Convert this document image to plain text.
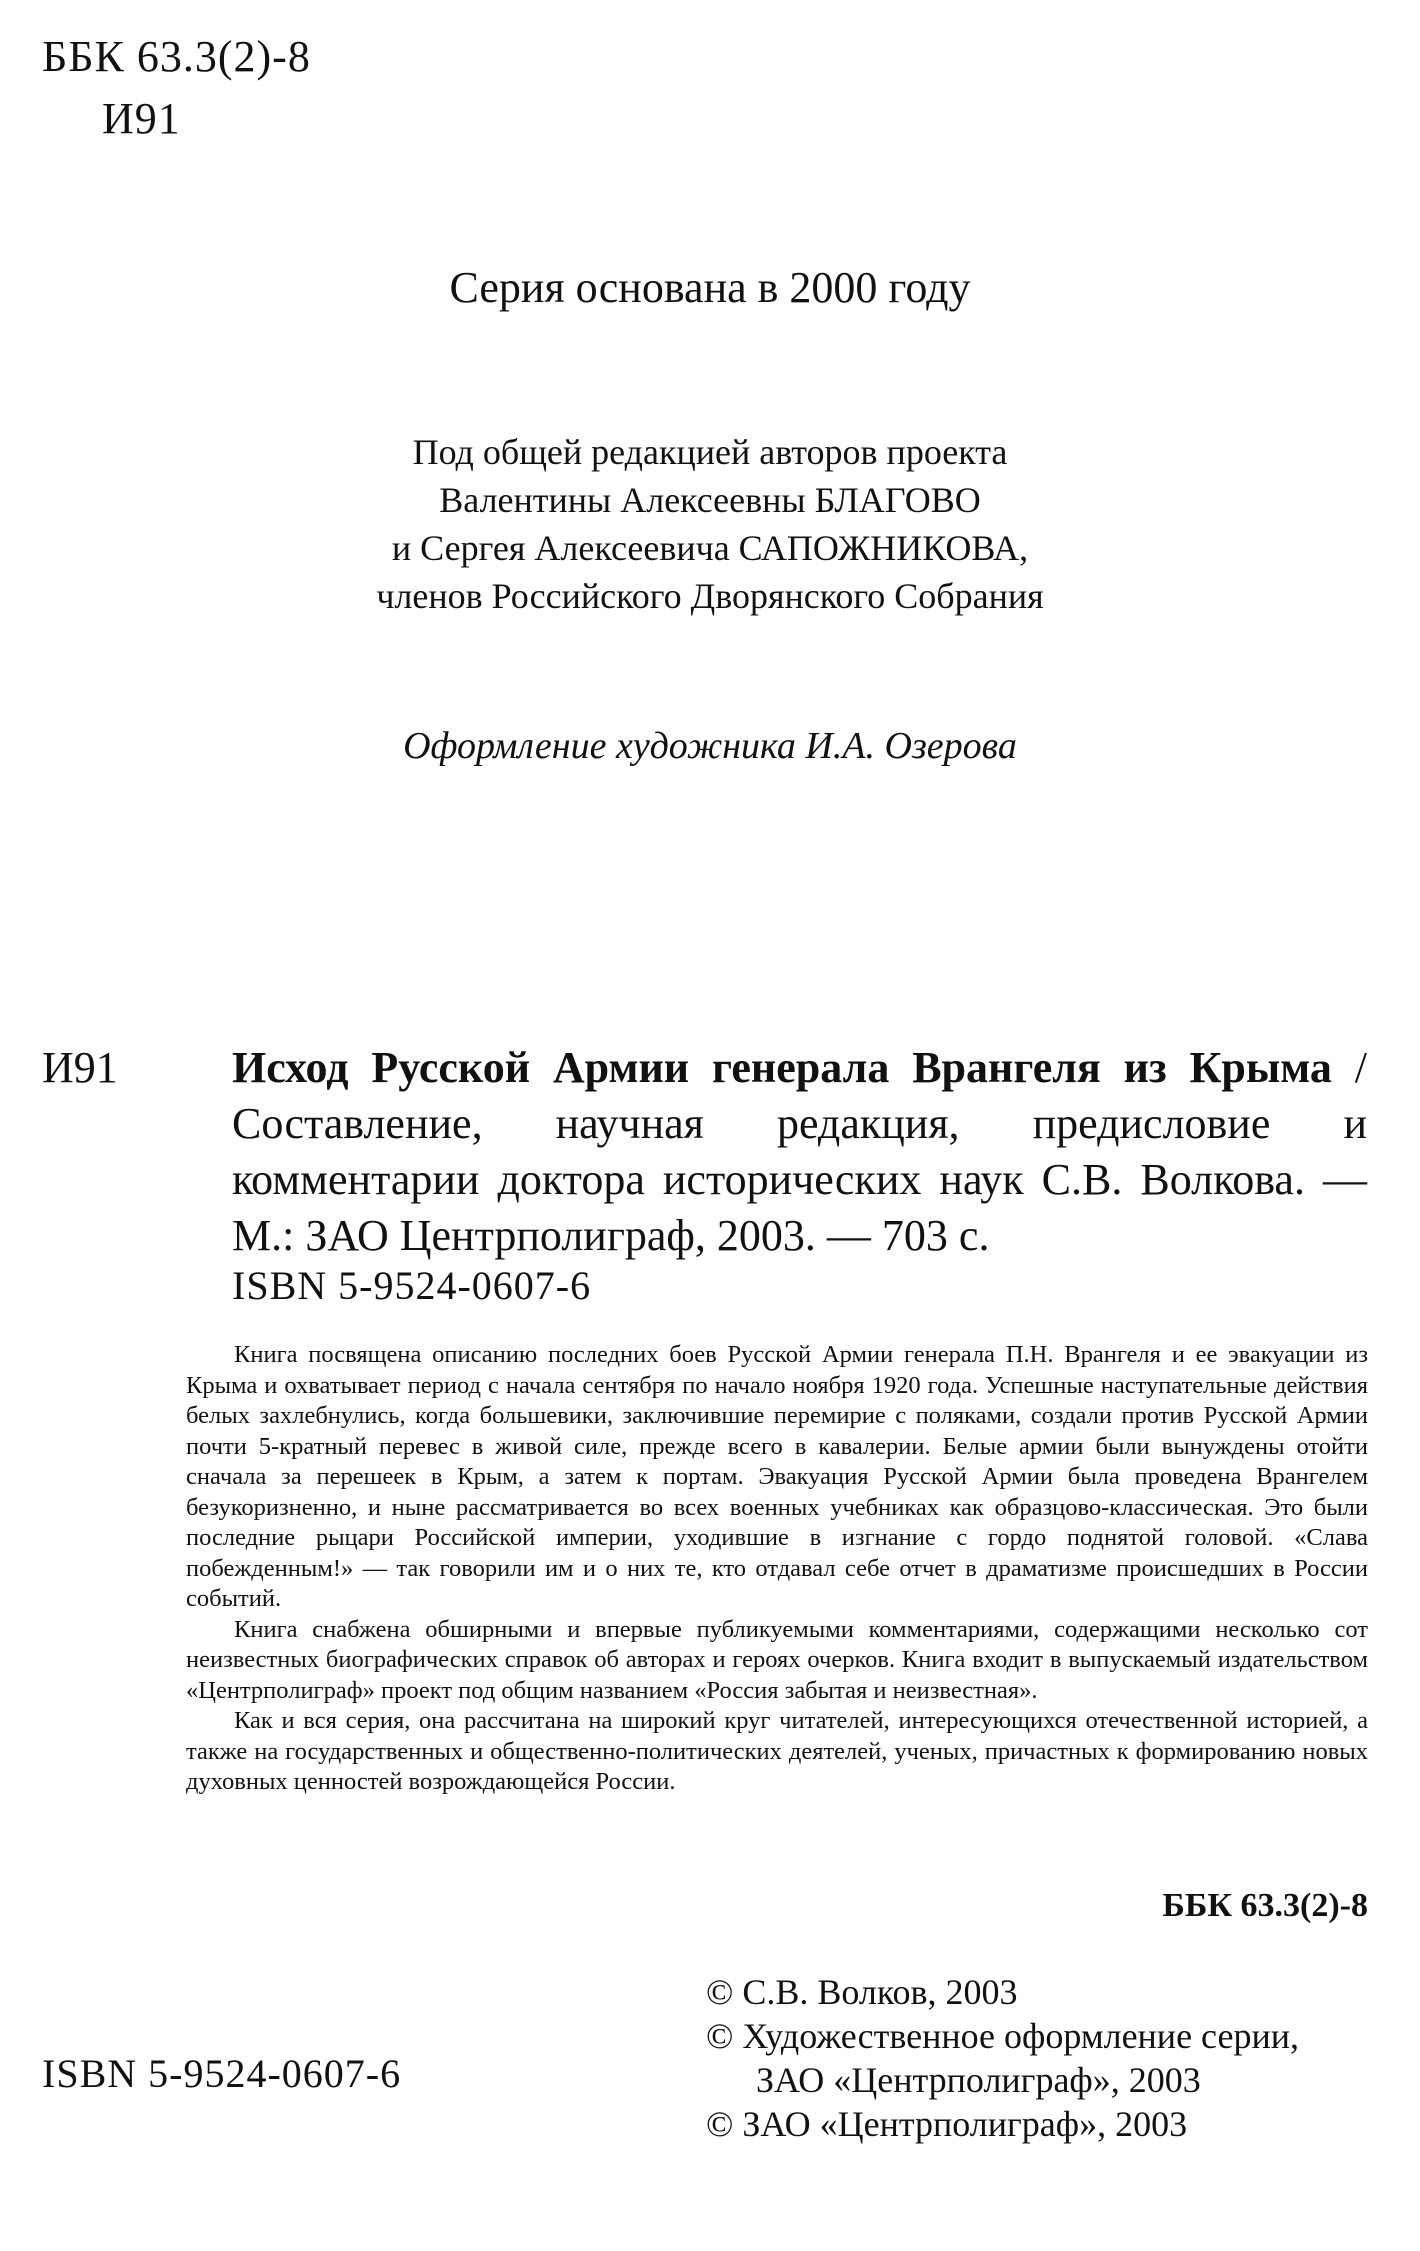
ББК 63.3(2)-8
И91
Серия основана в 2000 году
Под общей редакцией авторов проекта
Валентины Алексеевны БЛАГОВО
и Сергея Алексеевича САПОЖНИКОВА,
членов Российского Дворянского Собрания
Оформление художника И.А. Озерова
И91	Исход Русской Армии генерала Врангеля из Крыма / Составление, научная редакция, предисловие и комментарии доктора исторических наук С.В. Волкова. — М.: ЗАО Центрполиграф, 2003. — 703 с.
ISBN 5-9524-0607-6

Книга посвящена описанию последних боев Русской Армии генерала П.Н. Врангеля и ее эвакуации из Крыма и охватывает период с начала сентября по начало ноября 1920 года. Успешные наступательные действия белых захлебнулись, когда большевики, заключившие перемирие с поляками, создали против Русской Армии почти 5-кратный перевес в живой силе, прежде всего в кавалерии. Белые армии были вынуждены отойти сначала за перешеек в Крым, а затем к портам. Эвакуация Русской Армии была проведена Врангелем безукоризненно, и ныне рассматривается во всех военных учебниках как образцово-классическая. Это были последние рыцари Российской империи, уходившие в изгнание с гордо поднятой головой. «Слава побежденным!» — так говорили им и о них те, кто отдавал себе отчет в драматизме происшедших в России событий.

Книга снабжена обширными и впервые публикуемыми комментариями, содержащими несколько сот неизвестных биографических справок об авторах и героях очерков. Книга входит в выпускаемый издательством «Центрполиграф» проект под общим названием «Россия забытая и неизвестная».

Как и вся серия, она рассчитана на широкий круг читателей, интересующихся отечественной историей, а также на государственных и общественно-политических деятелей, ученых, причастных к формированию новых духовных ценностей возрождающейся России.

ББК 63.3(2)-8
© С.В. Волков, 2003
© Художественное оформление серии,
ЗАО «Центрполиграф», 2003
© ЗАО «Центрполиграф», 2003
ISBN 5-9524-0607-6
